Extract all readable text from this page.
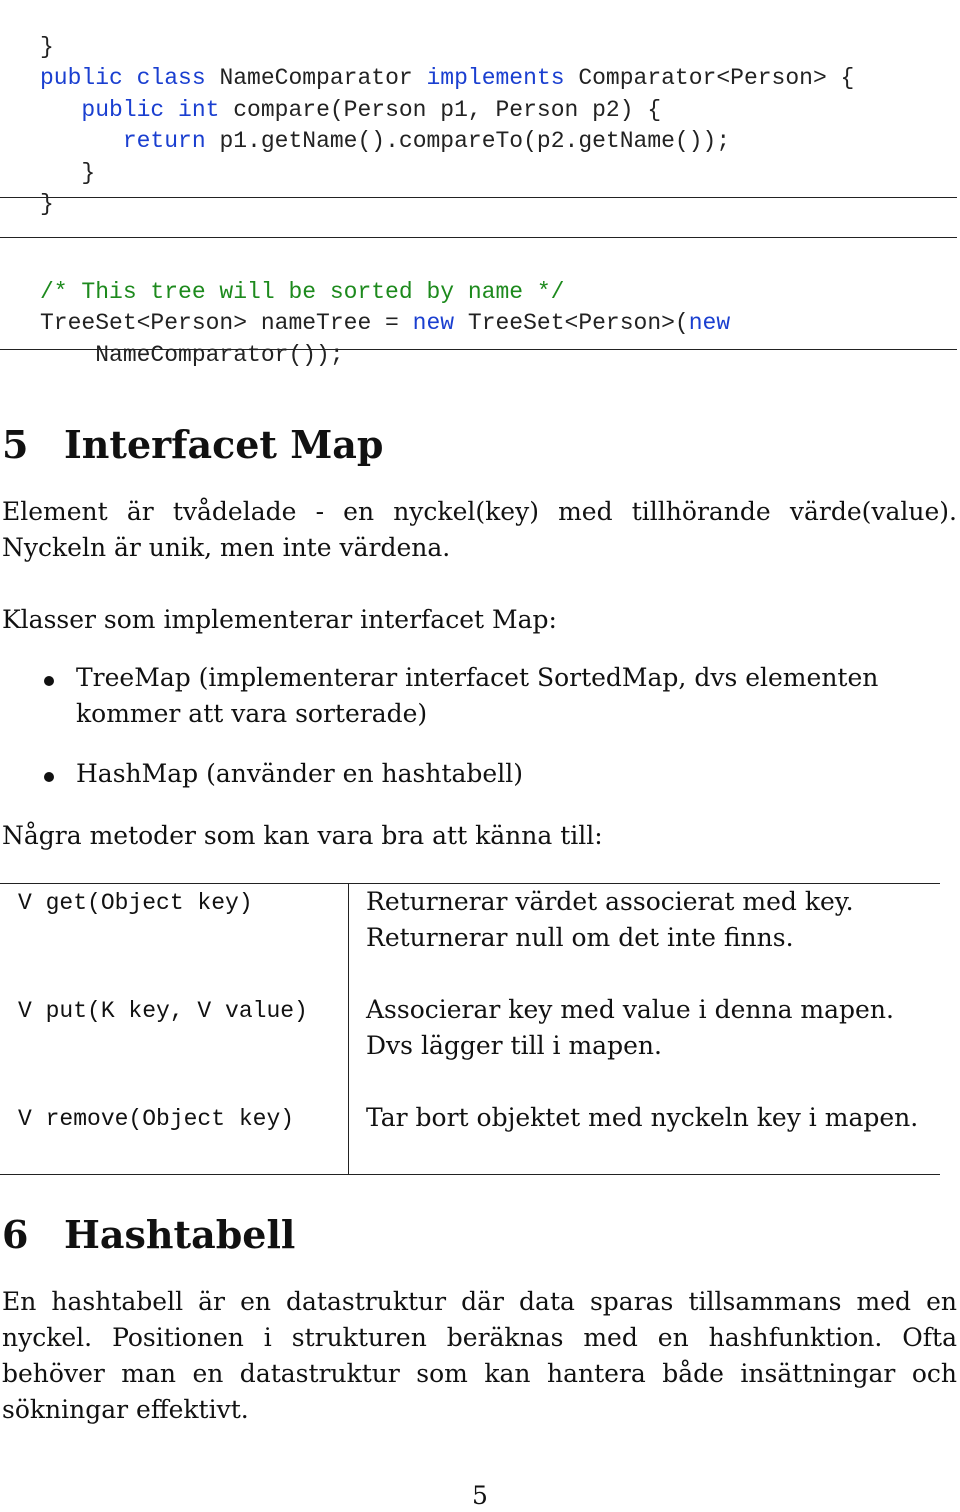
}
public class NameComparator implements Comparator<Person> {
public int compare(Person p1, Person p2) {
return p1.getName().compareTo(p2.getName());
}
}

/* This tree will be sorted by name */
TreeSet<Person> nameTree = new TreeSet<Person>(new
NameComparator());

5 Interfacet Map

Element är tvådelade - en nyckel(key) med tillhörande värde(value). Nyckeln är unik, men inte värdena.

Klasser som implementerar interfacet Map:

TreeMap (implementerar interfacet SortedMap, dvs elementen kommer att vara sorterade)
HashMap (använder en hashtabell)

Några metoder som kan vara bra att känna till:

V get(Object key)	Returnerar värdet associerat med key.
Returnerar null om det inte finns.
V put(K key, V value) Associerar key med value i denna mapen.
Dvs lägger till i mapen.
V remove(Object key)	Tar bort objektet med nyckeln key i mapen.
6 Hashtabell

En hashtabell är en datastruktur där data sparas tillsammans med en nyckel. Positionen i strukturen beräknas med en hashfunktion. Ofta behöver man en datastruktur som kan hantera både insättningar och sökningar effektivt.

5
